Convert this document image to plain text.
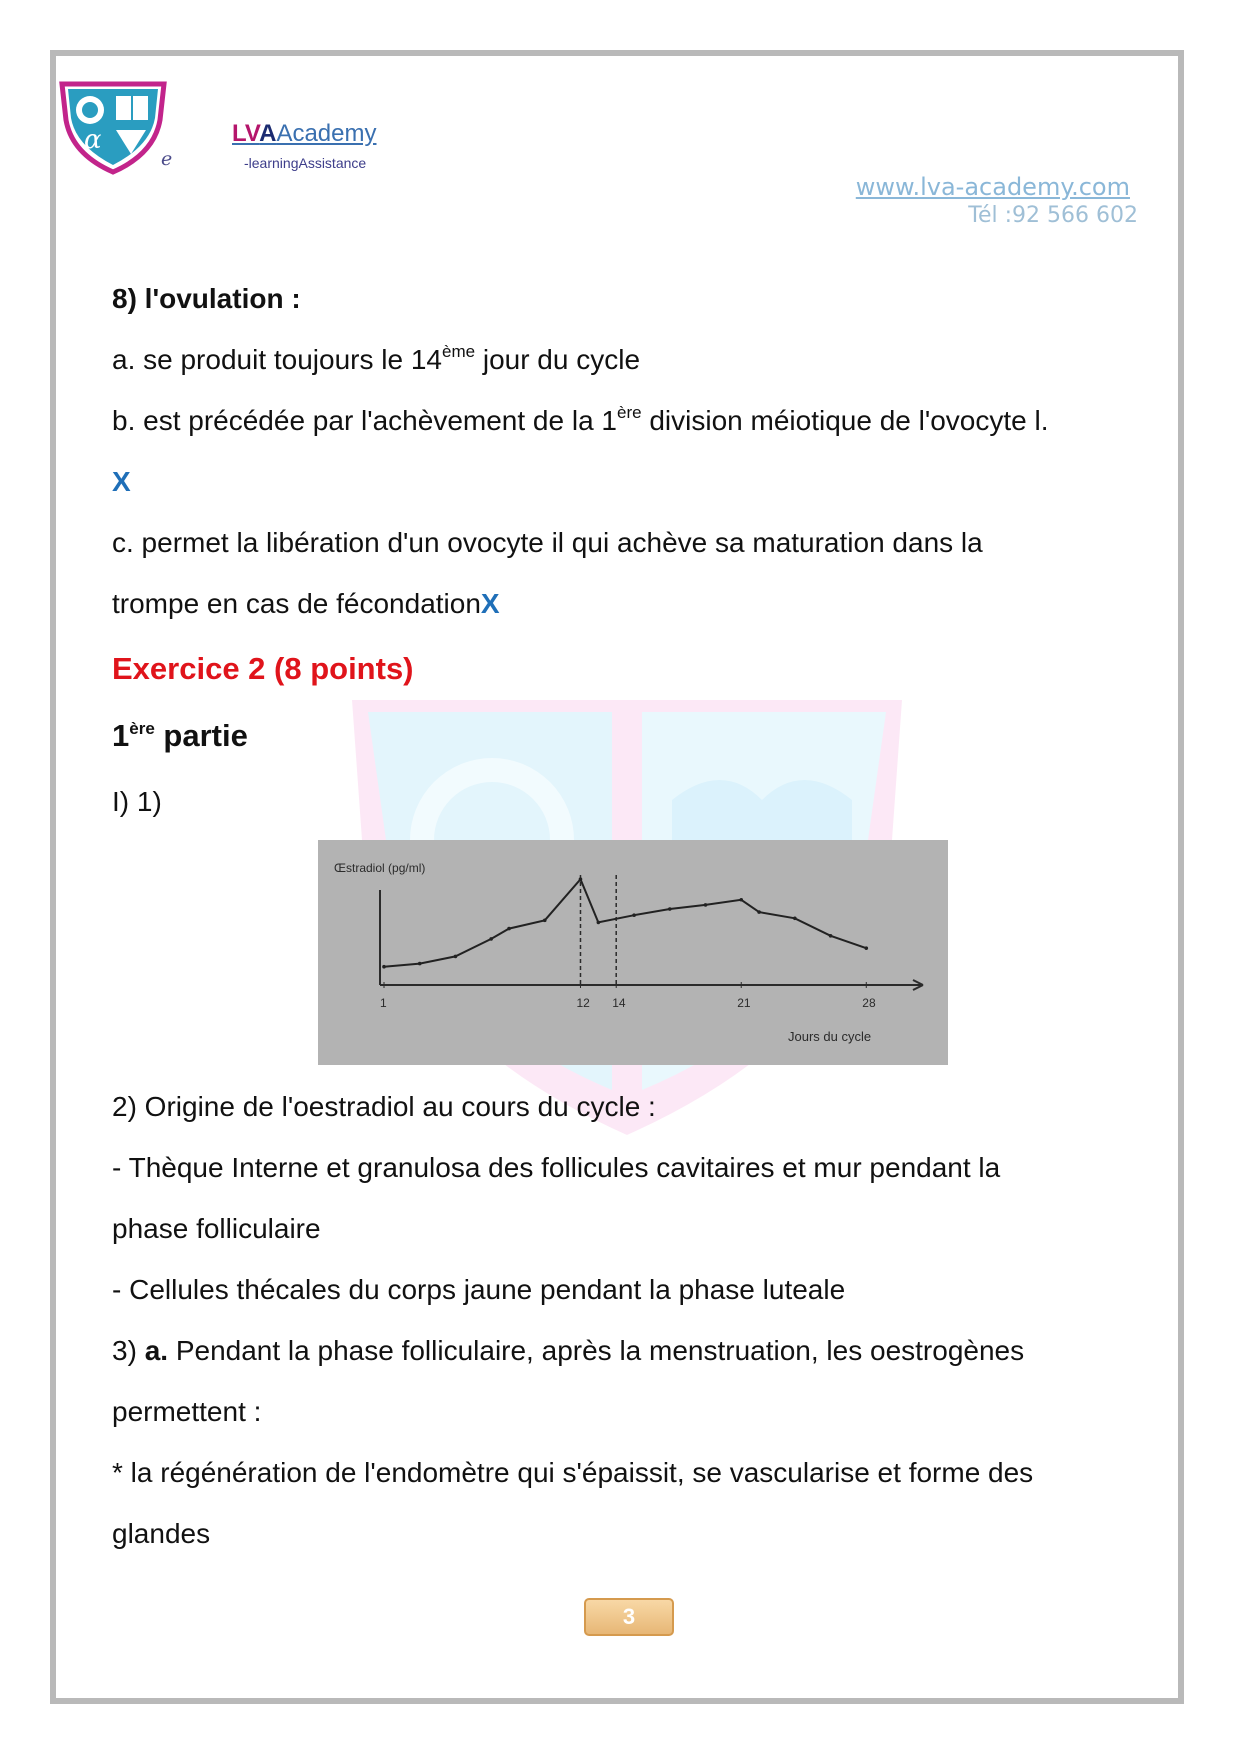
α
e
LVAAcademy
-learningAssistance
www.lva-academy.com
Tél :92 566 602
8) l'ovulation :
a. se produit toujours le 14ème jour du cycle
b. est précédée par l'achèvement de la 1ère division méiotique de l'ovocyte l.
X
c. permet la libération d'un ovocyte il qui achève sa maturation dans la
trompe en cas de fécondationX
Exercice 2 (8 points)
1ère partie
I) 1)
Œstradiol (pg/ml)
Jours du cycle
1	12 14	21	28
2) Origine de l'oestradiol au cours du cycle :
- Thèque Interne et granulosa des follicules cavitaires et mur pendant la
phase folliculaire
- Cellules thécales du corps jaune pendant la phase luteale
3) a. Pendant la phase folliculaire, après la menstruation, les oestrogènes
permettent :
* la régénération de l'endomètre qui s'épaissit, se vascularise et forme des
glandes
3
